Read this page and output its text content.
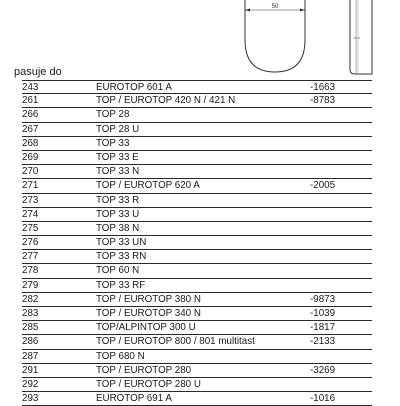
50
pasuje do
243	EUROTOP 601 A	-1663
261	TOP / EUROTOP 420 N / 421 N	-8783
266	TOP 28
267	TOP 28 U
268	TOP 33
269	TOP 33 E
270	TOP 33 N
271	TOP / EUROTOP 620 A	-2005
273	TOP 33 R
274	TOP 33 U
275	TOP 38 N
276	TOP 33 UN
277	TOP 33 RN
278	TOP 60 N
279	TOP 33 RF
282	TOP / EUROTOP 380 N	-9873
283	TOP / EUROTOP 340 N	-1039
285	TOP/ALPINTOP 300 U	-1817
286	TOP / EUROTOP 800 / 801 multitast	-2133
287	TOP 680 N
291	TOP / EUROTOP 280	-3269
292	TOP / EUROTOP 280 U
293	EUROTOP 691 A	-1016
